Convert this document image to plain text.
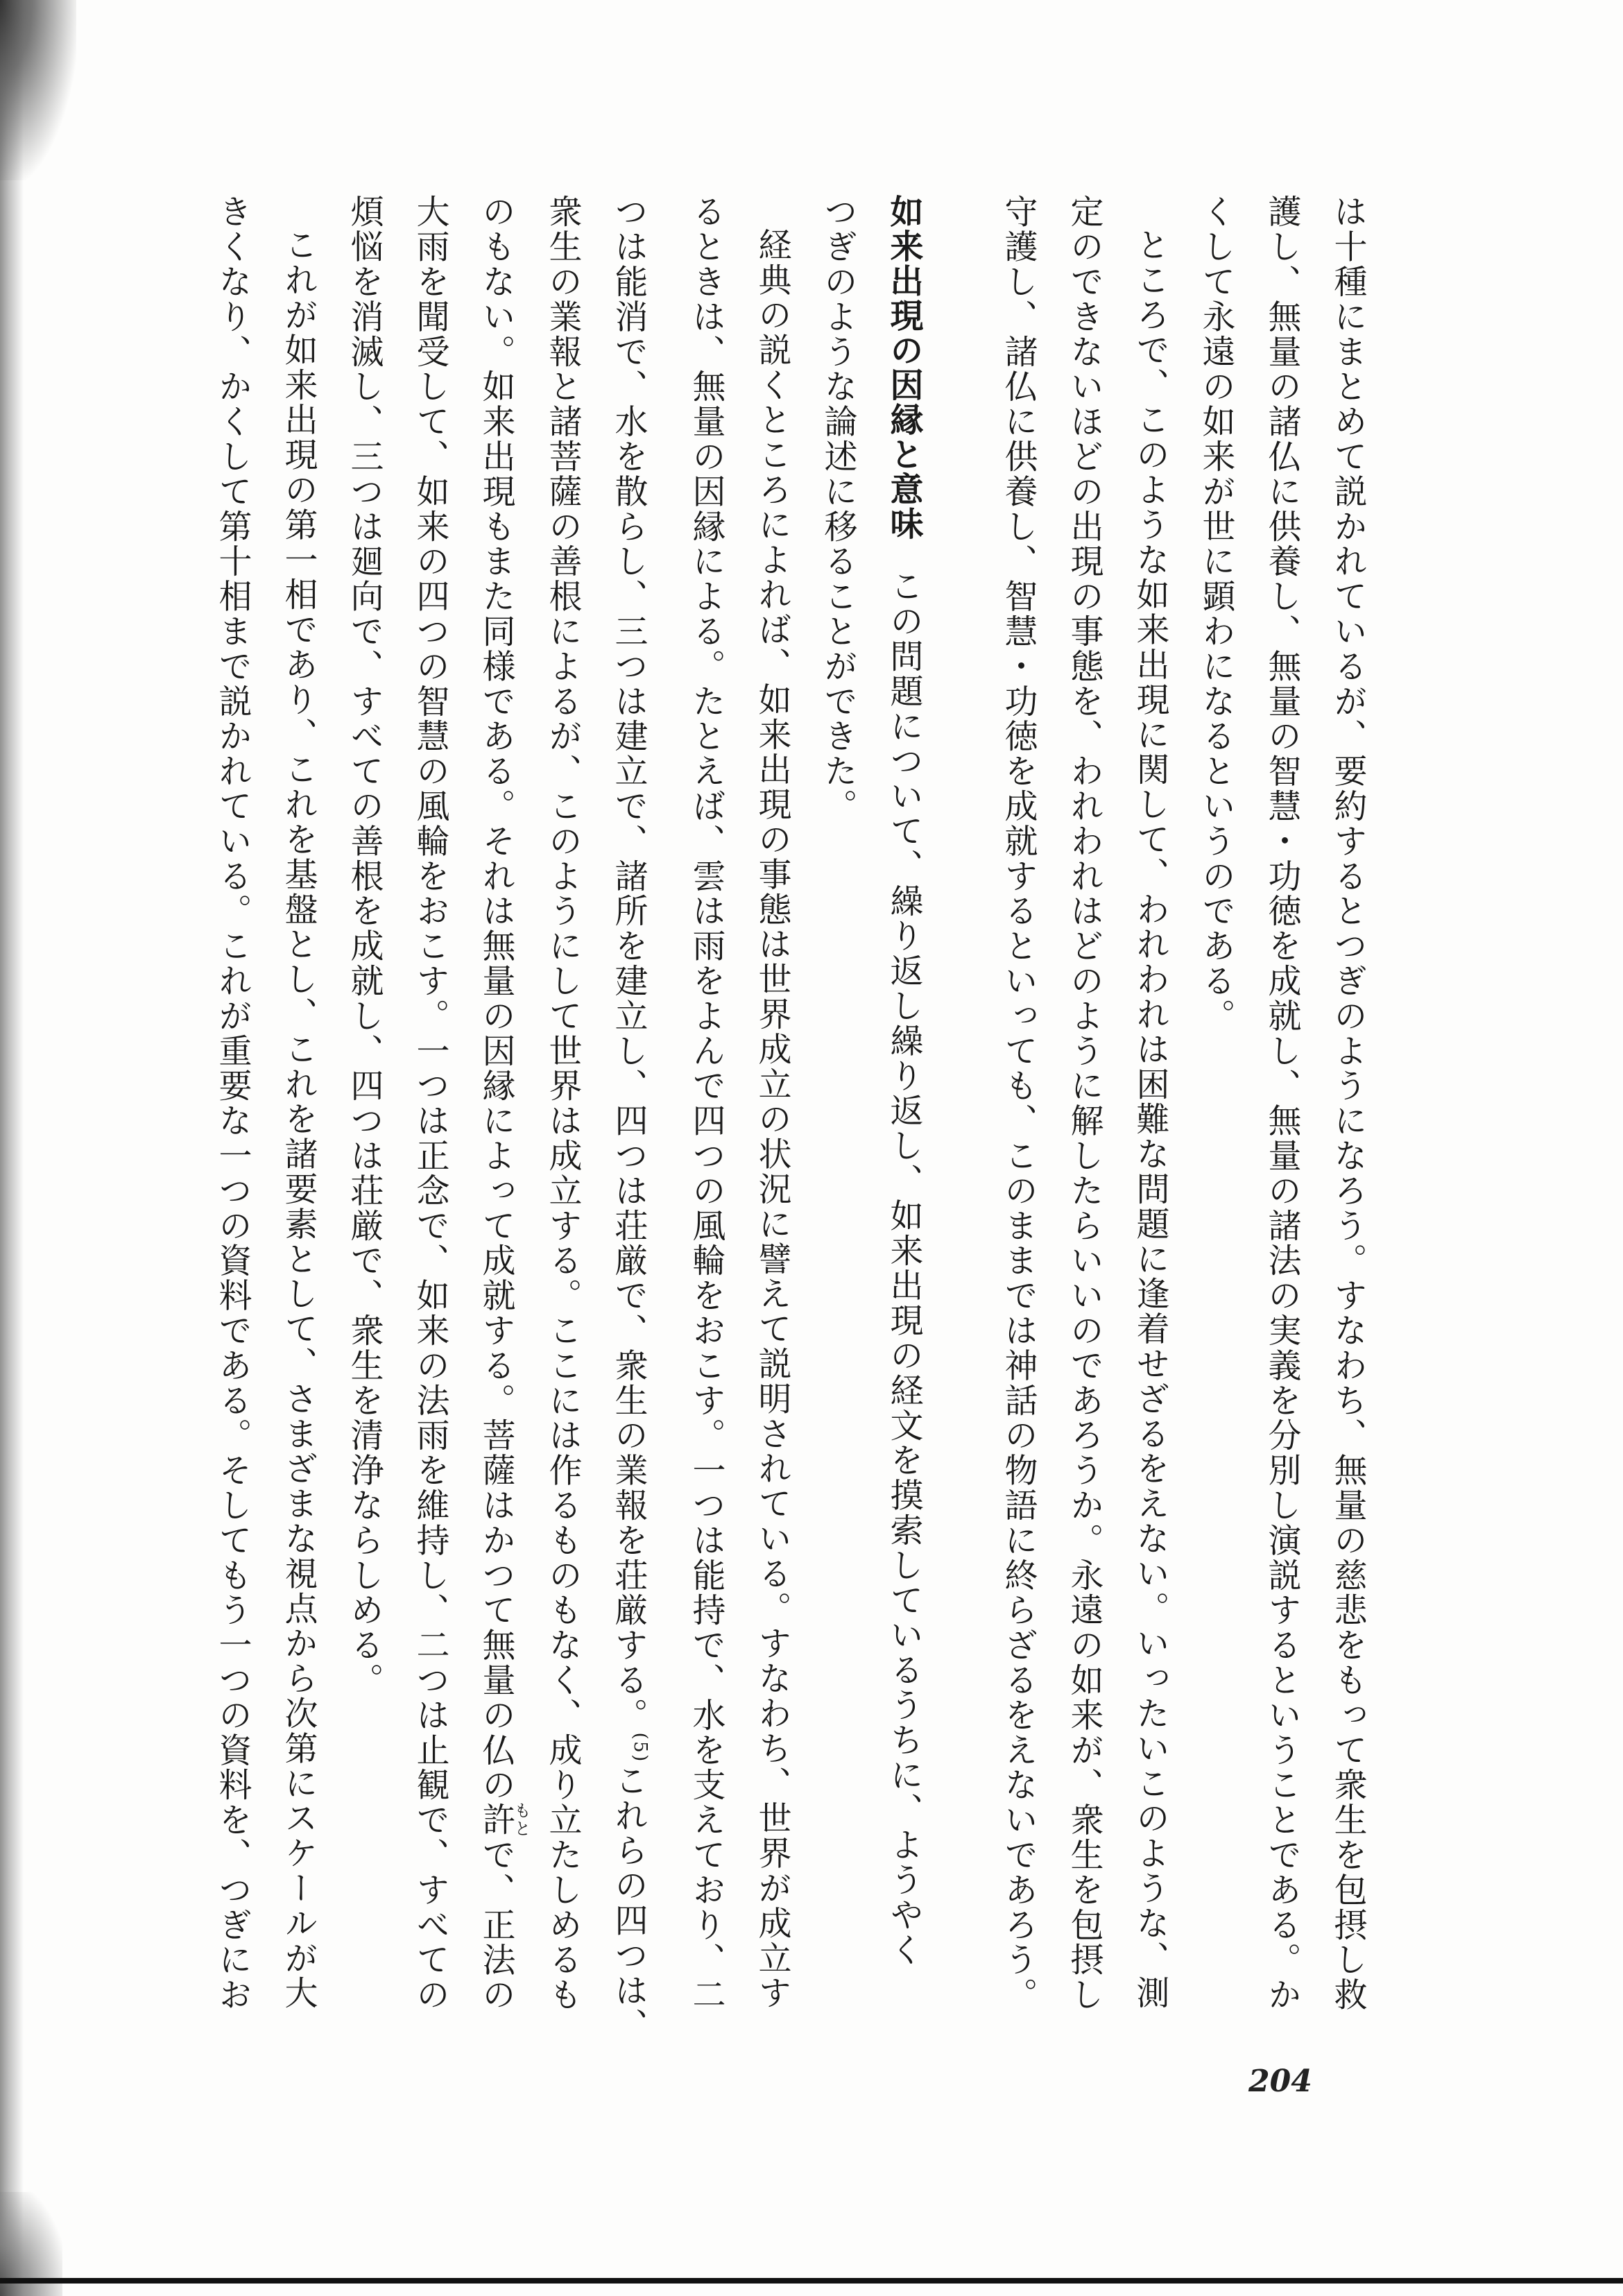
は十種にまとめて説かれているが、要約するとつぎのようになろう。すなわち、無量の慈悲をもって衆生を包摂し救

護し、無量の諸仏に供養し、無量の智慧・功徳を成就し、無量の諸法の実義を分別し演説するということである。か

くして永遠の如来が世に顕わになるというのである。

ところで、このような如来出現に関して、われわれは困難な問題に逢着せざるをえない。いったいこのような、測

定のできないほどの出現の事態を、われわれはどのように解したらいいのであろうか。永遠の如来が、衆生を包摂し

守護し、諸仏に供養し、智慧・功徳を成就するといっても、このままでは神話の物語に終らざるをえないであろう。

如来出現の因縁と意味この問題について、繰り返し繰り返し、如来出現の経文を摸索しているうちに、ようやく

つぎのような論述に移ることができた。

経典の説くところによれば、如来出現の事態は世界成立の状況に譬えて説明されている。すなわち、世界が成立す

るときは、無量の因縁による。たとえば、雲は雨をよんで四つの風輪をおこす。一つは能持で、水を支えており、二

つは能消で、水を散らし、三つは建立で、諸所を建立し、四つは荘厳で、衆生の業報を荘厳する。$^{(5)}$これらの四つは、

衆生の業報と諸菩薩の善根によるが、このようにして世界は成立する。ここには作るものもなく、成り立たしめるも

のもない。如来出現もまた同様である。それは無量の因縁によって成就する。菩薩はかつて無量の仏の許もとで、正法の

大雨を聞受して、如来の四つの智慧の風輪をおこす。一つは正念で、如来の法雨を維持し、二つは止観で、すべての

煩悩を消滅し、三つは廻向で、すべての善根を成就し、四つは荘厳で、衆生を清浄ならしめる。

これが如来出現の第一相であり、これを基盤とし、これを諸要素として、さまざまな視点から次第にスケールが大

きくなり、かくして第十相まで説かれている。これが重要な一つの資料である。そしてもう一つの資料を、つぎにお

204
